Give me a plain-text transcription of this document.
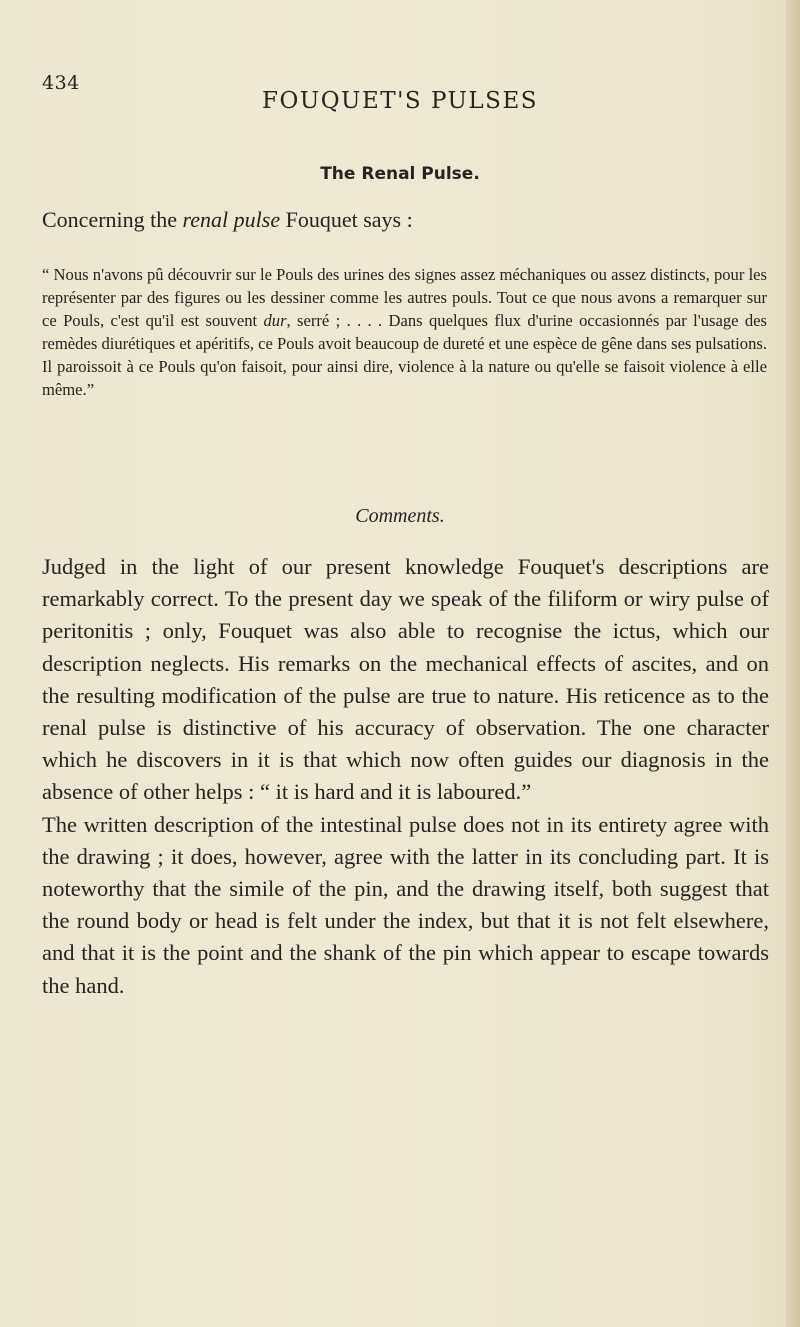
434
FOUQUET'S PULSES
The Renal Pulse.
Concerning the renal pulse Fouquet says :
“ Nous n'avons pû découvrir sur le Pouls des urines des signes assez méchaniques ou assez distincts, pour les représenter par des figures ou les dessiner comme les autres pouls. Tout ce que nous avons a remarquer sur ce Pouls, c'est qu'il est souvent dur, serré ; . . . . Dans quelques flux d'urine occasionnés par l'usage des remèdes diurétiques et apéritifs, ce Pouls avoit beaucoup de dureté et une espèce de gêne dans ses pulsations. Il paroissoit à ce Pouls qu'on faisoit, pour ainsi dire, violence à la nature ou qu'elle se faisoit violence à elle même.”
Comments.

Judged in the light of our present knowledge Fouquet's descriptions are remarkably correct. To the present day we speak of the filiform or wiry pulse of peritonitis ; only, Fouquet was also able to recognise the ictus, which our description neglects. His remarks on the mechanical effects of ascites, and on the resulting modification of the pulse are true to nature. His reticence as to the renal pulse is distinctive of his accuracy of observation. The one character which he discovers in it is that which now often guides our diagnosis in the absence of other helps : “ it is hard and it is laboured.”

The written description of the intestinal pulse does not in its entirety agree with the drawing ; it does, however, agree with the latter in its concluding part. It is noteworthy that the simile of the pin, and the drawing itself, both suggest that the round body or head is felt under the index, but that it is not felt elsewhere, and that it is the point and the shank of the pin which appear to escape towards the hand.
